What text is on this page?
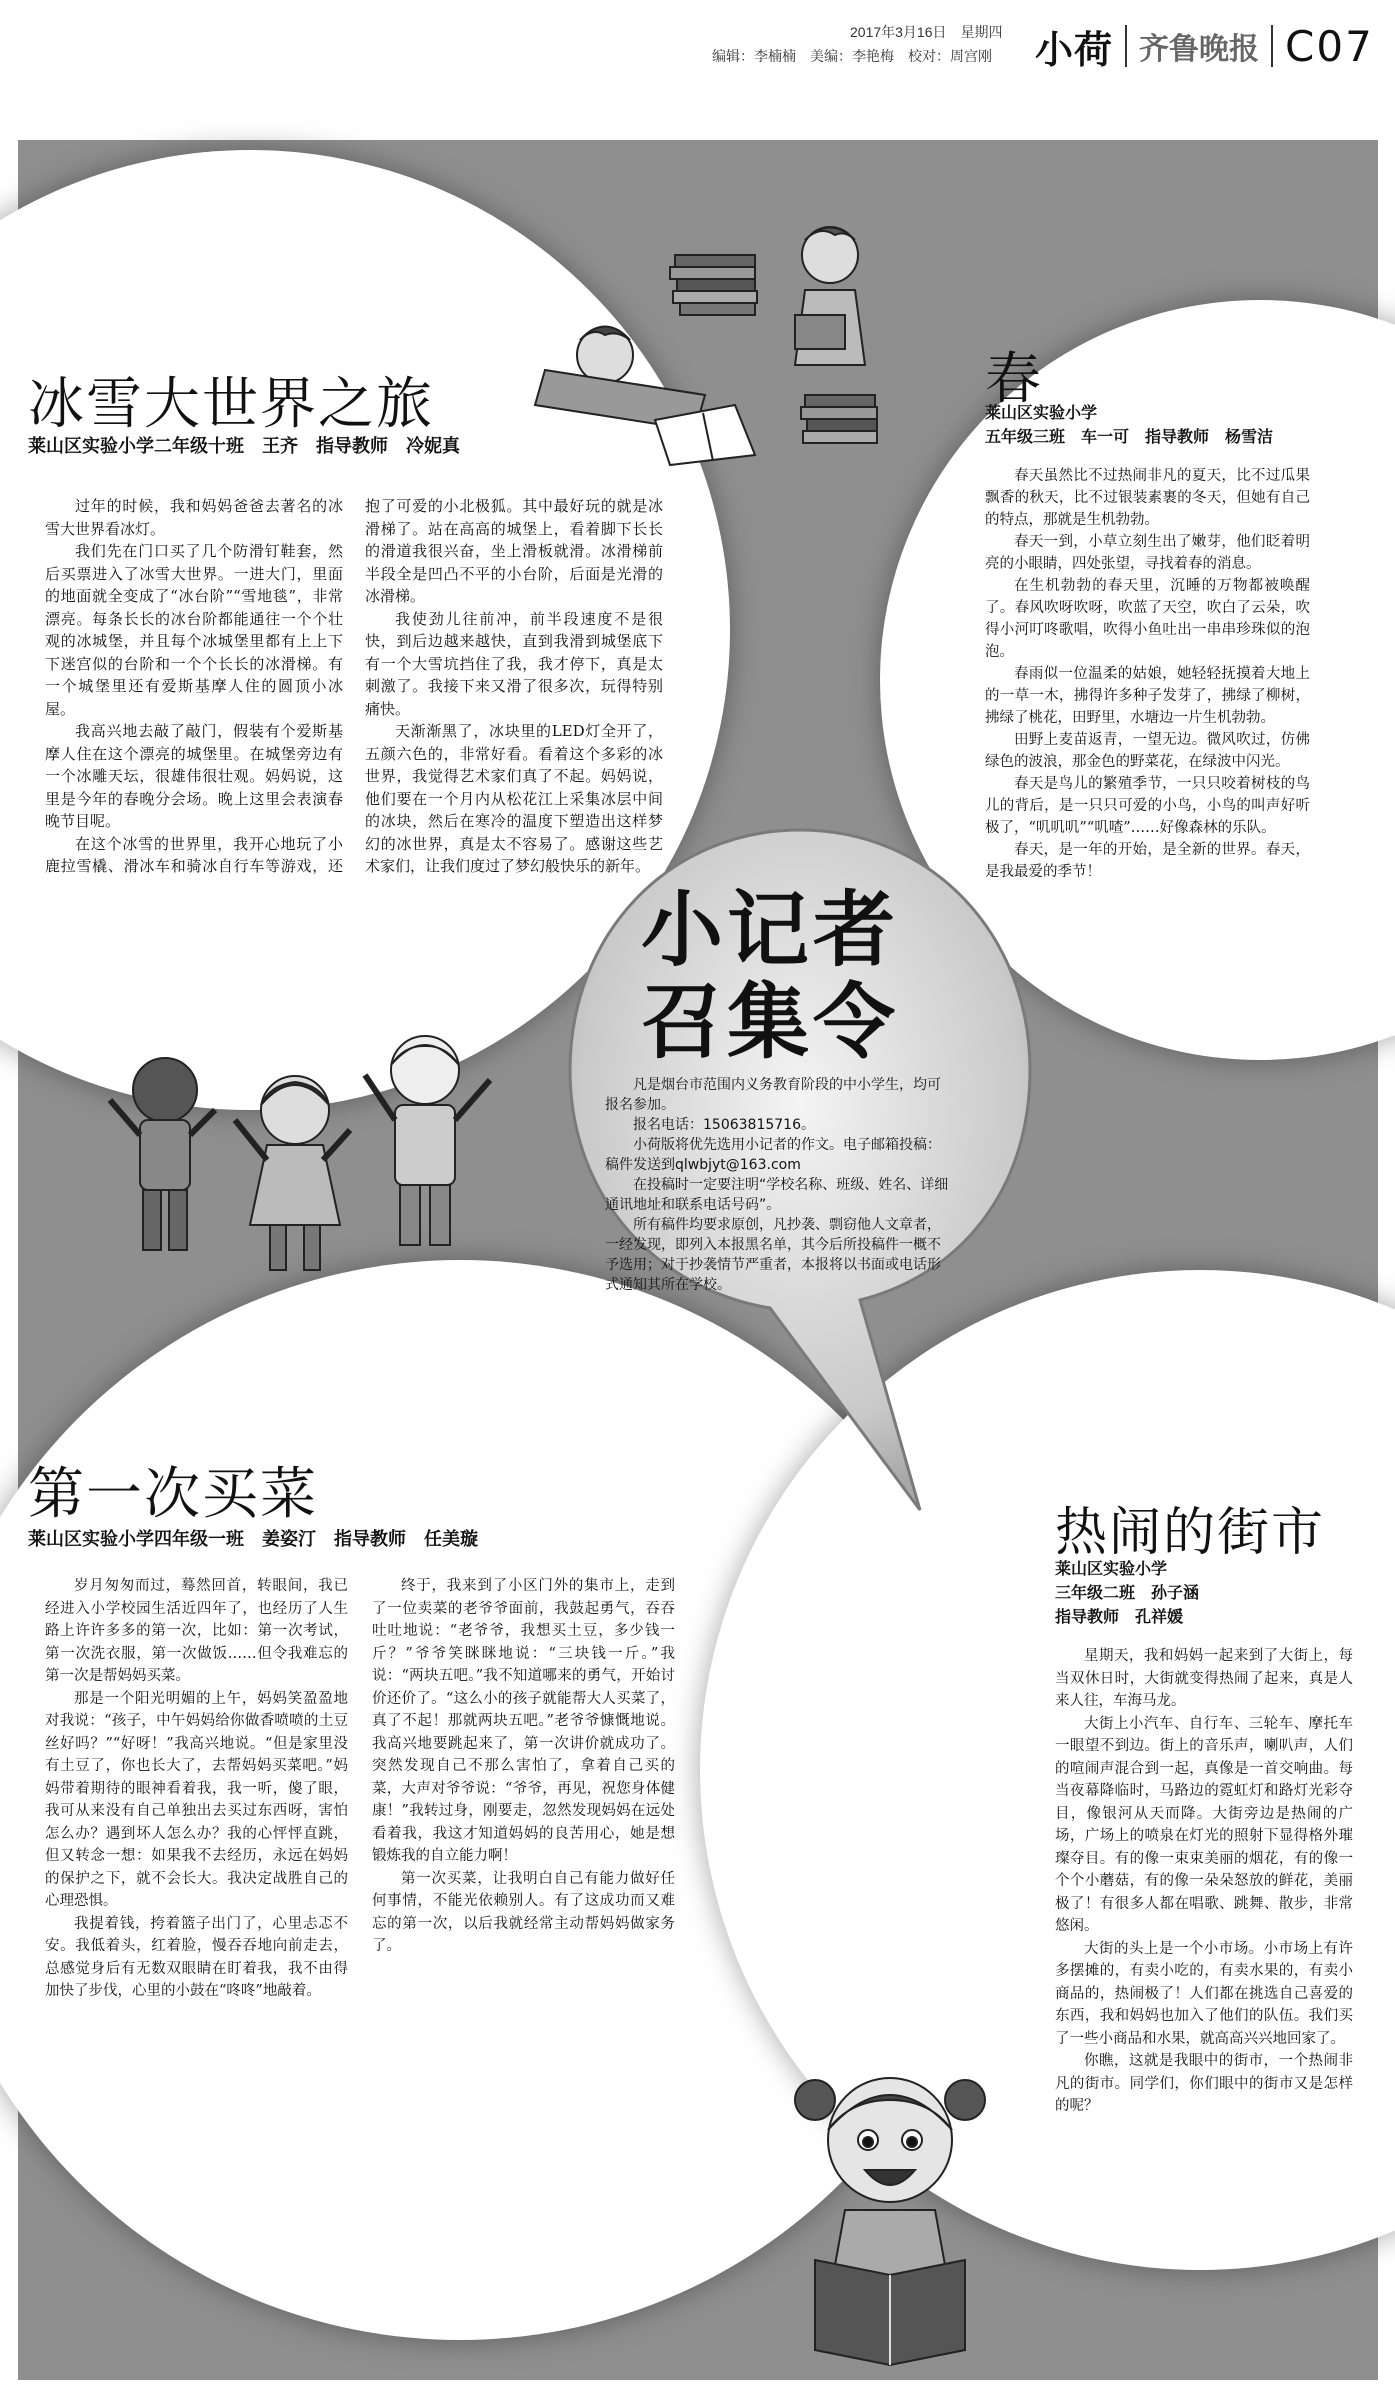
2017年3月16日　星期四
编辑：李楠楠　美编：李艳梅　校对：周宫刚 小荷 齐鲁晚报 C07
冰雪大世界之旅
莱山区实验小学二年级十班　王齐　指导教师　冷妮真

过年的时候，我和妈妈爸爸去著名的冰雪大世界看冰灯。

我们先在门口买了几个防滑钉鞋套，然后买票进入了冰雪大世界。一进大门，里面的地面就全变成了“冰台阶”“雪地毯”，非常漂亮。每条长长的冰台阶都能通往一个个壮观的冰城堡，并且每个冰城堡里都有上上下下迷宫似的台阶和一个个长长的冰滑梯。有一个城堡里还有爱斯基摩人住的圆顶小冰屋。

我高兴地去敲了敲门，假装有个爱斯基摩人住在这个漂亮的城堡里。在城堡旁边有一个冰雕天坛，很雄伟很壮观。妈妈说，这里是今年的春晚分会场。晚上这里会表演春晚节目呢。

在这个冰雪的世界里，我开心地玩了小鹿拉雪橇、滑冰车和骑冰自行车等游戏，还抱了可爱的小北极狐。其中最好玩的就是冰滑梯了。站在高高的城堡上，看着脚下长长的滑道我很兴奋，坐上滑板就滑。冰滑梯前半段全是凹凸不平的小台阶，后面是光滑的冰滑梯。

我使劲儿往前冲，前半段速度不是很快，到后边越来越快，直到我滑到城堡底下有一个大雪坑挡住了我，我才停下，真是太刺激了。我接下来又滑了很多次，玩得特别痛快。

天渐渐黑了，冰块里的LED灯全开了，五颜六色的，非常好看。看着这个多彩的冰世界，我觉得艺术家们真了不起。妈妈说，他们要在一个月内从松花江上采集冰层中间的冰块，然后在寒冷的温度下塑造出这样梦幻的冰世界，真是太不容易了。感谢这些艺术家们，让我们度过了梦幻般快乐的新年。

春
莱山区实验小学
五年级三班　车一可　指导教师　杨雪洁

春天虽然比不过热闹非凡的夏天，比不过瓜果飘香的秋天，比不过银装素裹的冬天，但她有自己的特点，那就是生机勃勃。

春天一到，小草立刻生出了嫩芽，他们眨着明亮的小眼睛，四处张望，寻找着春的消息。

在生机勃勃的春天里，沉睡的万物都被唤醒了。春风吹呀吹呀，吹蓝了天空，吹白了云朵，吹得小河叮咚歌唱，吹得小鱼吐出一串串珍珠似的泡泡。

春雨似一位温柔的姑娘，她轻轻抚摸着大地上的一草一木，拂得许多种子发芽了，拂绿了柳树，拂绿了桃花，田野里，水塘边一片生机勃勃。

田野上麦苗返青，一望无边。微风吹过，仿佛绿色的波浪，那金色的野菜花，在绿波中闪光。

春天是鸟儿的繁殖季节，一只只咬着树枝的鸟儿的背后，是一只只可爱的小鸟，小鸟的叫声好听极了，“叽叽叽”“叽喳”……好像森林的乐队。

春天，是一年的开始，是全新的世界。春天，是我最爱的季节！

小记者
召集令

凡是烟台市范围内义务教育阶段的中小学生，均可报名参加。

报名电话：15063815716。

小荷版将优先选用小记者的作文。电子邮箱投稿：稿件发送到qlwbjyt@163.com

在投稿时一定要注明“学校名称、班级、姓名、详细通讯地址和联系电话号码”。

所有稿件均要求原创，凡抄袭、剽窃他人文章者，一经发现，即列入本报黑名单，其今后所投稿件一概不予选用；对于抄袭情节严重者，本报将以书面或电话形式通知其所在学校。

第一次买菜
莱山区实验小学四年级一班　姜姿汀　指导教师　任美璇

岁月匆匆而过，蓦然回首，转眼间，我已经进入小学校园生活近四年了，也经历了人生路上许许多多的第一次，比如：第一次考试，第一次洗衣服，第一次做饭……但令我难忘的第一次是帮妈妈买菜。

那是一个阳光明媚的上午，妈妈笑盈盈地对我说：“孩子，中午妈妈给你做香喷喷的土豆丝好吗？”“好呀！”我高兴地说。“但是家里没有土豆了，你也长大了，去帮妈妈买菜吧。”妈妈带着期待的眼神看着我，我一听，傻了眼，我可从来没有自己单独出去买过东西呀，害怕怎么办？遇到坏人怎么办？我的心怦怦直跳，但又转念一想：如果我不去经历，永远在妈妈的保护之下，就不会长大。我决定战胜自己的心理恐惧。

我提着钱，挎着篮子出门了，心里忐忑不安。我低着头，红着脸，慢吞吞地向前走去，总感觉身后有无数双眼睛在盯着我，我不由得加快了步伐，心里的小鼓在“咚咚”地敲着。

终于，我来到了小区门外的集市上，走到了一位卖菜的老爷爷面前，我鼓起勇气，吞吞吐吐地说：“老爷爷，我想买土豆，多少钱一斤？”爷爷笑眯眯地说：“三块钱一斤。”我说：“两块五吧。”我不知道哪来的勇气，开始讨价还价了。“这么小的孩子就能帮大人买菜了，真了不起！那就两块五吧。”老爷爷慷慨地说。我高兴地要跳起来了，第一次讲价就成功了。突然发现自己不那么害怕了，拿着自己买的菜，大声对爷爷说：“爷爷，再见，祝您身体健康！”我转过身，刚要走，忽然发现妈妈在远处看着我，我这才知道妈妈的良苦用心，她是想锻炼我的自立能力啊！

第一次买菜，让我明白自己有能力做好任何事情，不能光依赖别人。有了这成功而又难忘的第一次，以后我就经常主动帮妈妈做家务了。

热闹的街市
莱山区实验小学
三年级二班　孙子涵
指导教师　孔祥媛

星期天，我和妈妈一起来到了大街上，每当双休日时，大街就变得热闹了起来，真是人来人往，车海马龙。

大街上小汽车、自行车、三轮车、摩托车一眼望不到边。街上的音乐声，喇叭声，人们的喧闹声混合到一起，真像是一首交响曲。每当夜幕降临时，马路边的霓虹灯和路灯光彩夺目，像银河从天而降。大街旁边是热闹的广场，广场上的喷泉在灯光的照射下显得格外璀璨夺目。有的像一束束美丽的烟花，有的像一个个小蘑菇，有的像一朵朵怒放的鲜花，美丽极了！有很多人都在唱歌、跳舞、散步，非常悠闲。

大街的头上是一个小市场。小市场上有许多摆摊的，有卖小吃的，有卖水果的，有卖小商品的，热闹极了！人们都在挑选自己喜爱的东西，我和妈妈也加入了他们的队伍。我们买了一些小商品和水果，就高高兴兴地回家了。

你瞧，这就是我眼中的街市，一个热闹非凡的街市。同学们，你们眼中的街市又是怎样的呢？
